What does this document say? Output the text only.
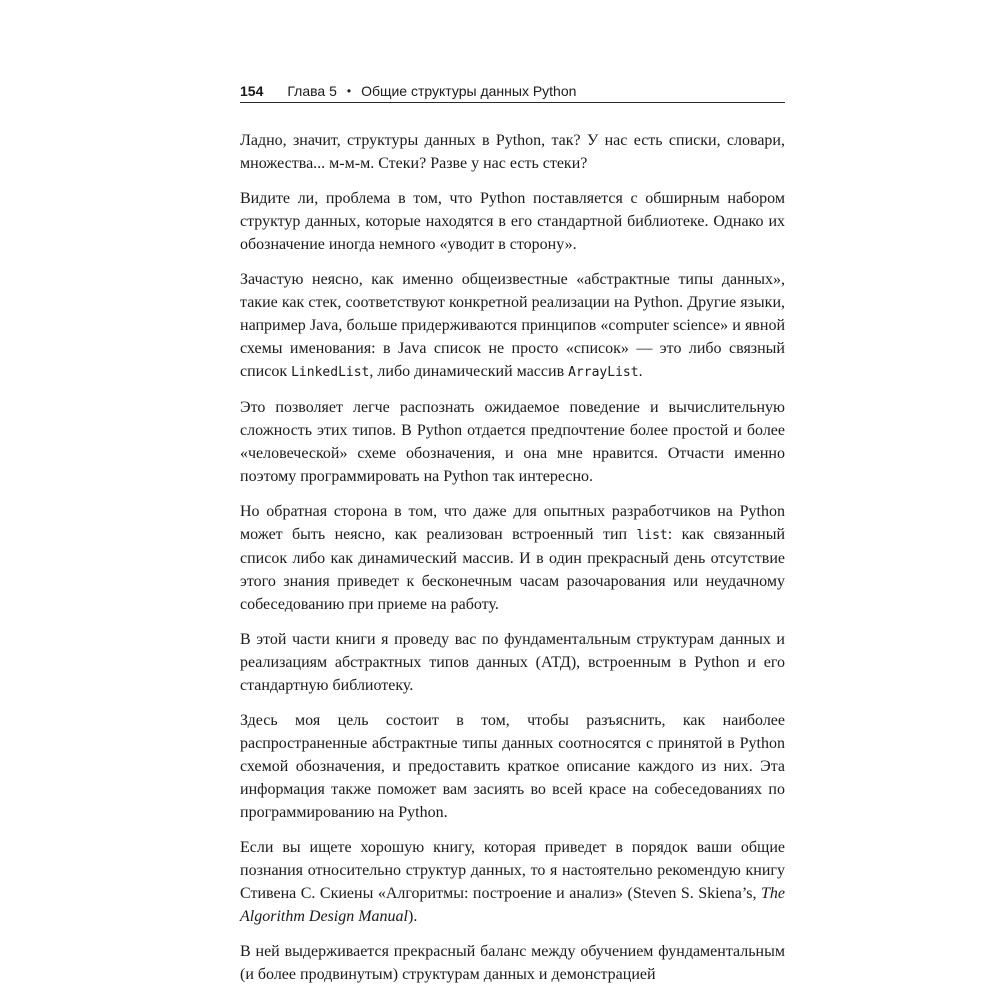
154 Глава 5 • Общие структуры данных Python

Ладно, значит, структуры данных в Python, так? У нас есть списки, словари, множества... м-м-м. Стеки? Разве у нас есть стеки?

Видите ли, проблема в том, что Python поставляется с обширным набором структур данных, которые находятся в его стандартной библиотеке. Однако их обозначение иногда немного «уводит в сторону».

Зачастую неясно, как именно общеизвестные «абстрактные типы данных», такие как стек, соответствуют конкретной реализации на Python. Другие языки, например Java, больше придерживаются принципов «computer science» и явной схемы именования: в Java список не просто «список» — это либо связный список LinkedList, либо динамический массив ArrayList.

Это позволяет легче распознать ожидаемое поведение и вычислительную сложность этих типов. В Python отдается предпочтение более простой и более «человеческой» схеме обозначения, и она мне нравится. Отчасти именно поэтому программировать на Python так интересно.

Но обратная сторона в том, что даже для опытных разработчиков на Python может быть неясно, как реализован встроенный тип list: как связанный список либо как динамический массив. И в один прекрасный день отсутствие этого знания приведет к бесконечным часам разочарования или неудачному собеседованию при приеме на работу.

В этой части книги я проведу вас по фундаментальным структурам данных и реализациям абстрактных типов данных (АТД), встроенным в Python и его стандартную библиотеку.

Здесь моя цель состоит в том, чтобы разъяснить, как наиболее распространенные абстрактные типы данных соотносятся с принятой в Python схемой обозначения, и предоставить краткое описание каждого из них. Эта информация также поможет вам засиять во всей красе на собеседованиях по программированию на Python.

Если вы ищете хорошую книгу, которая приведет в порядок ваши общие познания относительно структур данных, то я настоятельно рекомендую книгу Стивена С. Скиены «Алгоритмы: построение и анализ» (Steven S. Skiena’s, The Algorithm Design Manual).

В ней выдерживается прекрасный баланс между обучением фундаментальным (и более продвинутым) структурам данных и демонстрацией
